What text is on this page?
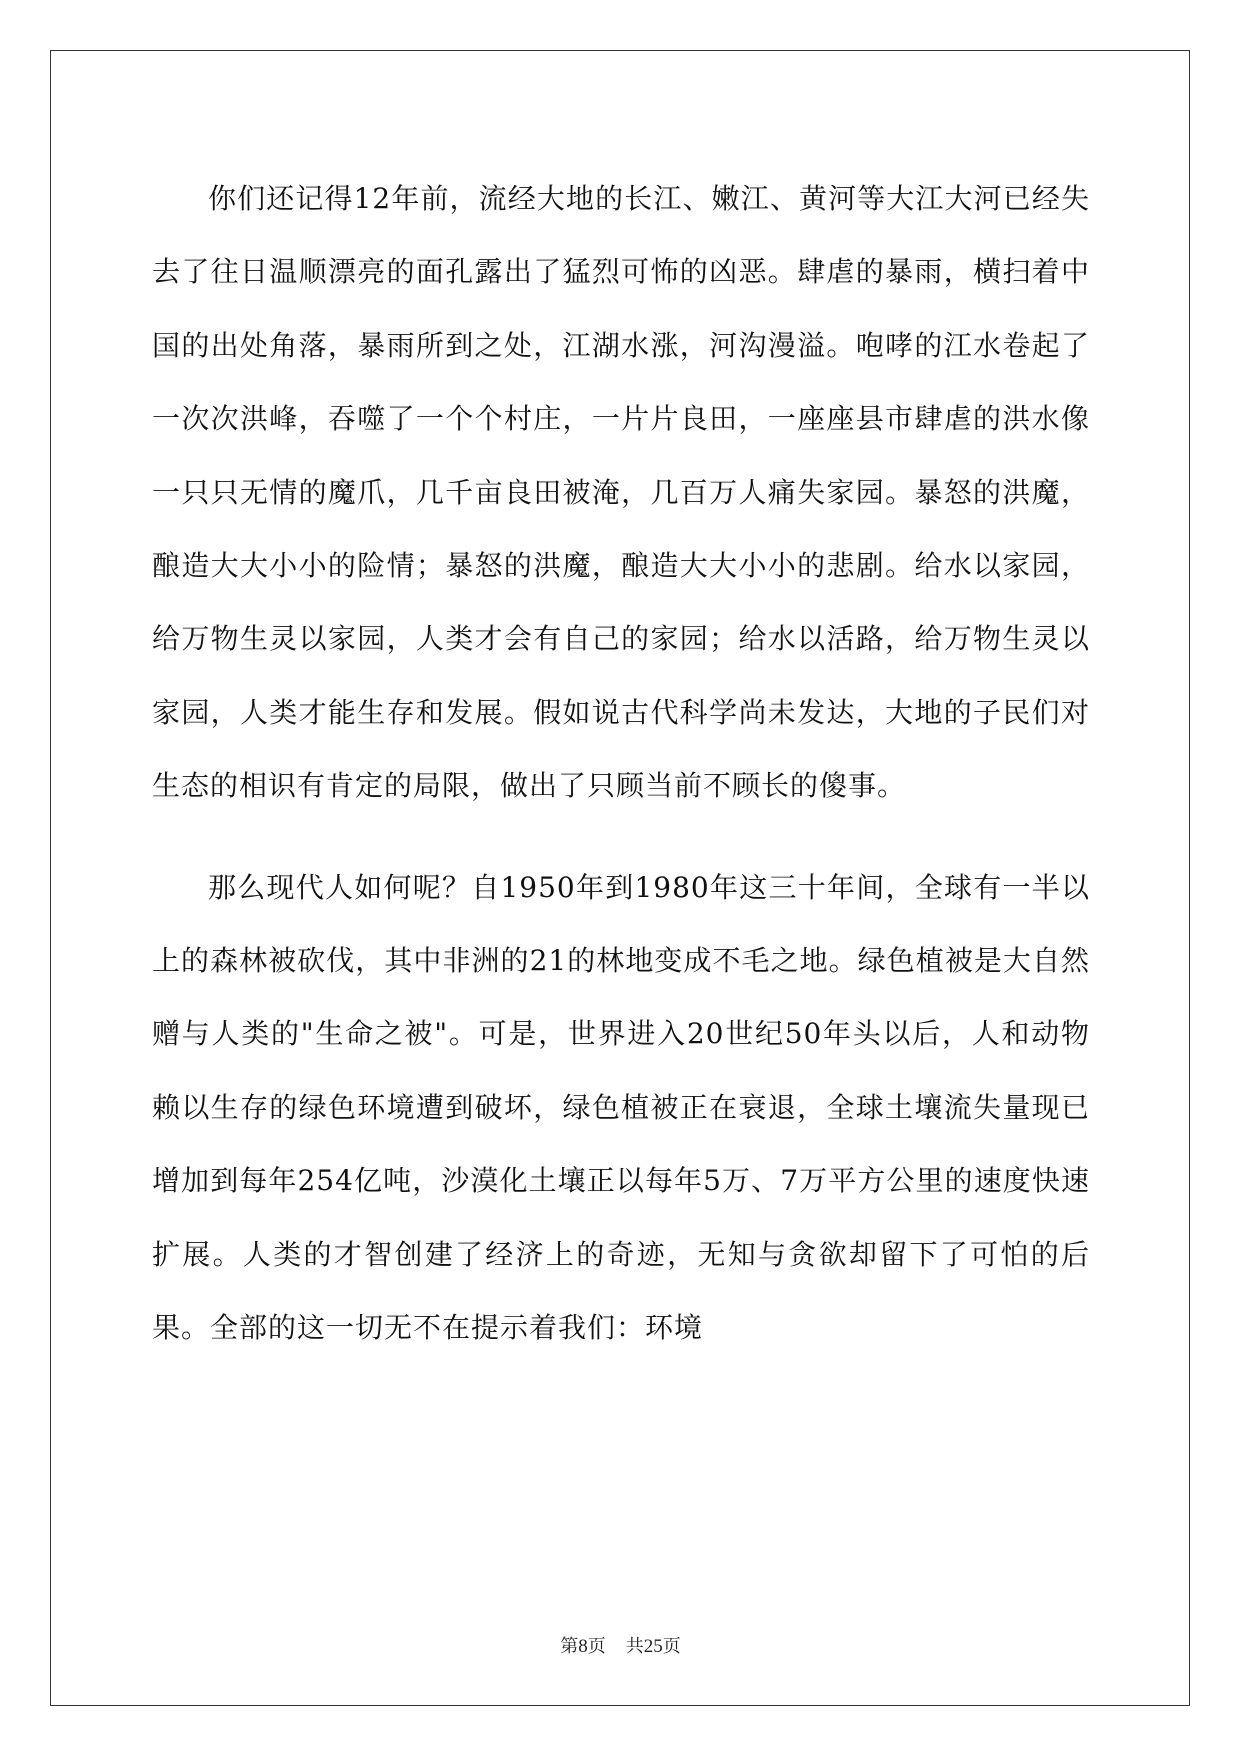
你们还记得12年前，流经大地的长江、嫩江、黄河等大江大河已经失去了往日温顺漂亮的面孔露出了猛烈可怖的凶恶。肆虐的暴雨，横扫着中国的出处角落，暴雨所到之处，江湖水涨，河沟漫溢。咆哮的江水卷起了一次次洪峰，吞噬了一个个村庄，一片片良田，一座座县市肆虐的洪水像一只只无情的魔爪，几千亩良田被淹，几百万人痛失家园。暴怒的洪魔，酿造大大小小的险情；暴怒的洪魔，酿造大大小小的悲剧。给水以家园，给万物生灵以家园，人类才会有自己的家园；给水以活路，给万物生灵以家园，人类才能生存和发展。假如说古代科学尚未发达，大地的子民们对生态的相识有肯定的局限，做出了只顾当前不顾长的傻事。

那么现代人如何呢？自1950年到1980年这三十年间，全球有一半以上的森林被砍伐，其中非洲的21的林地变成不毛之地。绿色植被是大自然赠与人类的"生命之被"。可是，世界进入20世纪50年头以后，人和动物赖以生存的绿色环境遭到破坏，绿色植被正在衰退，全球土壤流失量现已增加到每年254亿吨，沙漠化土壤正以每年5万、7万平方公里的速度快速扩展。人类的才智创建了经济上的奇迹，无知与贪欲却留下了可怕的后果。全部的这一切无不在提示着我们：环境

第8页 共25页
